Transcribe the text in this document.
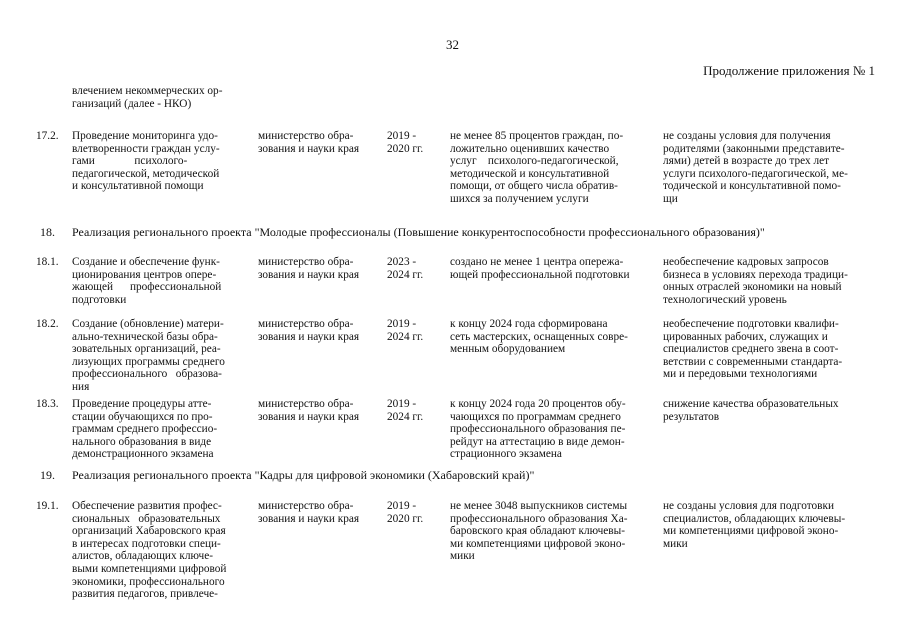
32
Продолжение приложения № 1
влечением некоммерческих ор-
ганизаций (далее - НКО)
17.2. Проведение мониторинга удо-
влетворенности граждан услу-
гами              психолого-
педагогической, методической
и консультативной помощи
министерство обра-
зования и науки края
2019 -
2020 гг.
не менее 85 процентов граждан, по-
ложительно оценивших качество
услуг    психолого-педагогической,
методической и консультативной
помощи, от общего числа обратив-
шихся за получением услуги
не созданы условия для получения
родителями (законными представите-
лями) детей в возрасте до трех лет
услуги психолого-педагогической, ме-
тодической и консультативной помо-
щи
18. Реализация регионального проекта "Молодые профессионалы (Повышение конкурентоспособности профессионального образования)"
18.1. Создание и обеспечение функ-
ционирования центров опере-
жающей      профессиональной
подготовки
министерство обра-
зования и науки края
2023 -
2024 гг.
создано не менее 1 центра опережа-
ющей профессиональной подготовки
необеспечение кадровых запросов
бизнеса в условиях перехода традици-
онных отраслей экономики на новый
технологический уровень
18.2. Создание (обновление) матери-
ально-технической базы обра-
зовательных организаций, реа-
лизующих программы среднего
профессионального   образова-
ния
министерство обра-
зования и науки края
2019 -
2024 гг.
к концу 2024 года сформирована
сеть мастерских, оснащенных совре-
менным оборудованием
необеспечение подготовки квалифи-
цированных рабочих, служащих и
специалистов среднего звена в соот-
ветствии с современными стандарта-
ми и передовыми технологиями
18.3. Проведение процедуры атте-
стации обучающихся по про-
граммам среднего профессио-
нального образования в виде
демонстрационного экзамена
министерство обра-
зования и науки края
2019 -
2024 гг.
к концу 2024 года 20 процентов обу-
чающихся по программам среднего
профессионального образования пе-
рейдут на аттестацию в виде демон-
страционного экзамена
снижение качества образовательных
результатов
19. Реализация регионального проекта "Кадры для цифровой экономики (Хабаровский край)"
19.1. Обеспечение развития профес-
сиональных   образовательных
организаций Хабаровского края
в интересах подготовки специ-
алистов, обладающих ключе-
выми компетенциями цифровой
экономики, профессионального
развития педагогов, привлече-
министерство обра-
зования и науки края
2019 -
2020 гг.
не менее 3048 выпускников системы
профессионального образования Ха-
баровского края обладают ключевы-
ми компетенциями цифровой эконо-
мики
не созданы условия для подготовки
специалистов, обладающих ключевы-
ми компетенциями цифровой эконо-
мики
